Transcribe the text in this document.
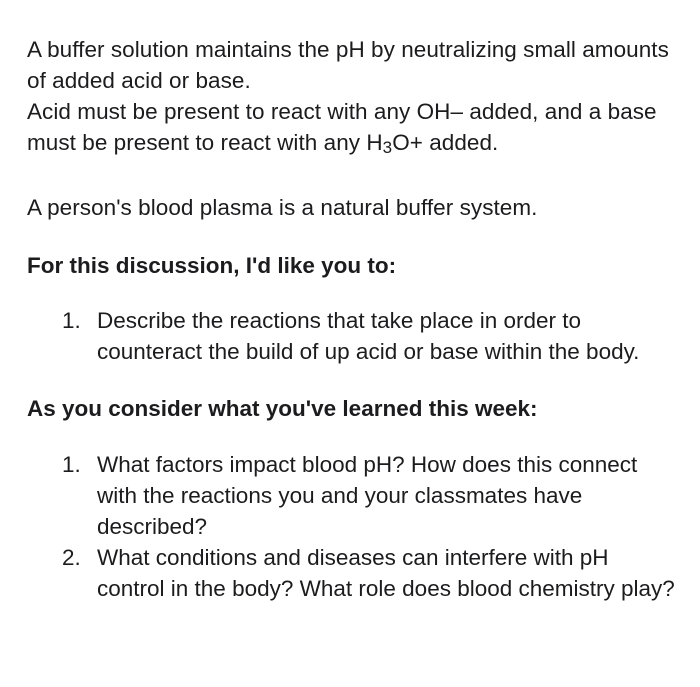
A buffer solution maintains the pH by neutralizing small amounts of added acid or base.
Acid must be present to react with any OH– added, and a base must be present to react with any H3O+ added.

A person's blood plasma is a natural buffer system.

For this discussion, I'd like you to:

1. Describe the reactions that take place in order to counteract the build of up acid or base within the body.

As you consider what you've learned this week:

1. What factors impact blood pH? How does this connect with the reactions you and your classmates have described?
2. What conditions and diseases can interfere with pH control in the body? What role does blood chemistry play?
